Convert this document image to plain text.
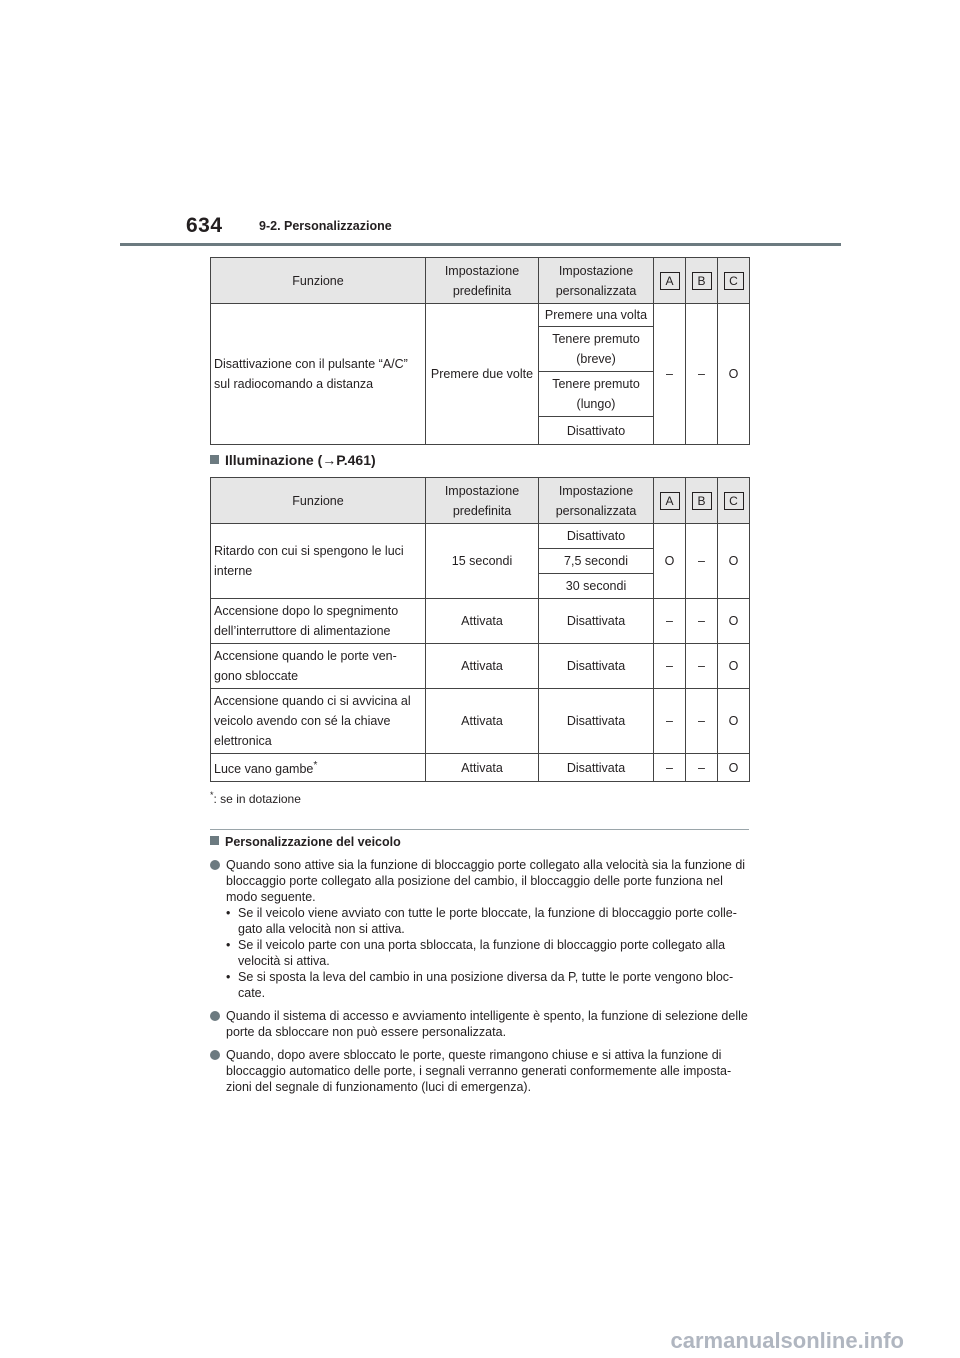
634	9-2. Personalizzazione
Funzione	Impostazione predefinita	Impostazione personalizzata	A	B	C
Disattivazione con il pulsante “A/C” sul radiocomando a distanza	Premere due volte	Premere una volta	–	–	O
		Tenere premuto (breve)			
		Tenere premuto (lungo)			
		Disattivato			
Illuminazione (→P.461)
Funzione	Impostazione predefinita	Impostazione personalizzata	A	B	C
Ritardo con cui si spengono le luci interne	15 secondi	Disattivato	O	–	O
		7,5 secondi			
		30 secondi			
Accensione dopo lo spegnimento dell’interruttore di alimentazione	Attivata	Disattivata	–	–	O
Accensione quando le porte ven-gono sbloccate	Attivata	Disattivata	–	–	O
Accensione quando ci si avvicina al veicolo avendo con sé la chiave elettronica	Attivata	Disattivata	–	–	O
Luce vano gambe*	Attivata	Disattivata	–	–	O
*: se in dotazione
Personalizzazione del veicolo
Quando sono attive sia la funzione di bloccaggio porte collegato alla velocità sia la funzione di bloccaggio porte collegato alla posizione del cambio, il bloccaggio delle porte funziona nel modo seguente.
• Se il veicolo viene avviato con tutte le porte bloccate, la funzione di bloccaggio porte colle-gato alla velocità non si attiva.
• Se il veicolo parte con una porta sbloccata, la funzione di bloccaggio porte collegato alla velocità si attiva.
• Se si sposta la leva del cambio in una posizione diversa da P, tutte le porte vengono bloc-cate.
Quando il sistema di accesso e avviamento intelligente è spento, la funzione di selezione delle porte da sbloccare non può essere personalizzata.
Quando, dopo avere sbloccato le porte, queste rimangono chiuse e si attiva la funzione di bloccaggio automatico delle porte, i segnali verranno generati conformemente alle imposta-zioni del segnale di funzionamento (luci di emergenza).
carmanualsonline.info
